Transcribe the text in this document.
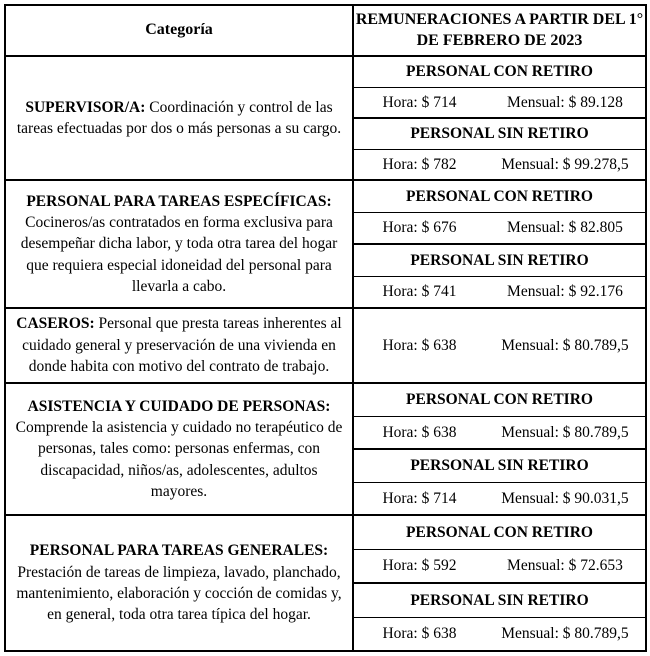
Categoría	REMUNERACIONES A PARTIR DEL 1°
DE FEBRERO DE 2023

SUPERVISOR/A: Coordinación y control de las tareas efectuadas por dos o más personas a su cargo.	PERSONAL CON RETIRO

	Hora: $ 714 Mensual: $ 89.128

	PERSONAL SIN RETIRO

	Hora: $ 782 Mensual: $ 99.278,5

PERSONAL PARA TAREAS ESPECÍFICAS:
Cocineros/as contratados en forma exclusiva para desempeñar dicha labor, y toda otra tarea del hogar que requiera especial idoneidad del personal para llevarla a cabo.	PERSONAL CON RETIRO

	Hora: $ 676 Mensual: $ 82.805

	PERSONAL SIN RETIRO

	Hora: $ 741 Mensual: $ 92.176

CASEROS: Personal que presta tareas inherentes al cuidado general y preservación de una vivienda en donde habita con motivo del contrato de trabajo.	Hora: $ 638 Mensual: $ 80.789,5

ASISTENCIA Y CUIDADO DE PERSONAS:
Comprende la asistencia y cuidado no terapéutico de personas, tales como: personas enfermas, con discapacidad, niños/as, adolescentes, adultos mayores.	PERSONAL CON RETIRO

	Hora: $ 638 Mensual: $ 80.789,5

	PERSONAL SIN RETIRO

	Hora: $ 714 Mensual: $ 90.031,5

PERSONAL PARA TAREAS GENERALES:
Prestación de tareas de limpieza, lavado, planchado, mantenimiento, elaboración y cocción de comidas y, en general, toda otra tarea típica del hogar.	PERSONAL CON RETIRO

	Hora: $ 592 Mensual: $ 72.653

	PERSONAL SIN RETIRO

	Hora: $ 638 Mensual: $ 80.789,5
